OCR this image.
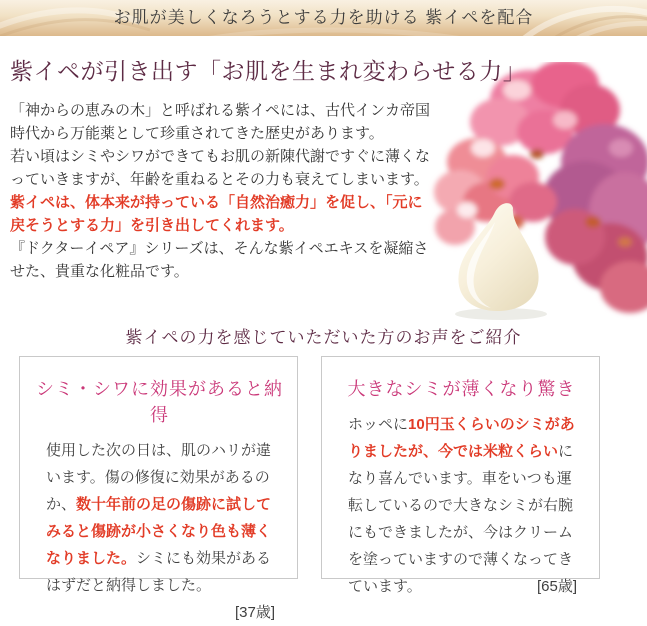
お肌が美しくなろうとする力を助ける 紫イペを配合
紫イペが引き出す「お肌を生まれ変わらせる力」
「神からの恵みの木」と呼ばれる紫イペには、古代インカ帝国時代から万能薬として珍重されてきた歴史があります。
若い頃はシミやシワができてもお肌の新陳代謝ですぐに薄くなっていきますが、年齢を重ねるとその力も衰えてしまいます。
紫イペは、体本来が持っている「自然治癒力」を促し、「元に戻そうとする力」を引き出してくれます。
『ドクターイペア』シリーズは、そんな紫イペエキスを凝縮させた、貴重な化粧品です。
紫イペの力を感じていただいた方のお声をご紹介
シミ・シワに効果があると納得

使用した次の日は、肌のハリが違います。傷の修復に効果があるのか、数十年前の足の傷跡に試してみると傷跡が小さくなり色も薄くなりました。シミにも効果があるはずだと納得しました。

[37歳]
大きなシミが薄くなり驚き

ホッペに10円玉くらいのシミがありましたが、今では米粒くらいになり喜んでいます。車をいつも運転しているので大きなシミが右腕にもできましたが、今はクリームを塗っていますので薄くなってきています。	[65歳]
